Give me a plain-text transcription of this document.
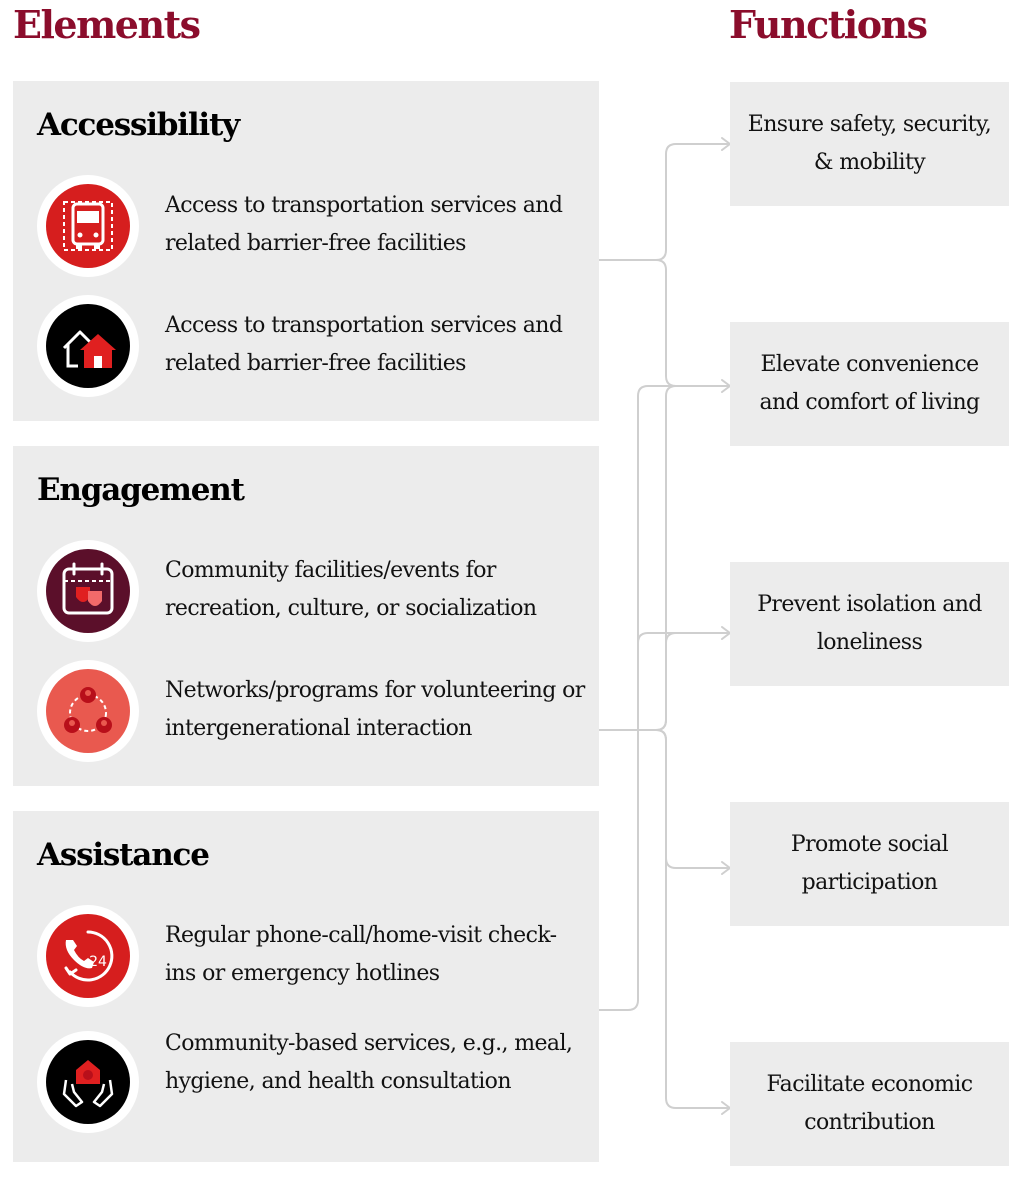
Elements	Functions
Accessibility
Access to transportation services and related barrier-free facilities
Access to transportation services and related barrier-free facilities
Engagement
Community facilities/events for recreation, culture, or socialization
Networks/programs for volunteering or intergenerational interaction
Assistance
24
Regular phone-call/home-visit check-ins or emergency hotlines
Community-based services, e.g., meal, hygiene, and health consultation
Ensure safety, security, & mobility
Elevate convenience and comfort of living
Prevent isolation and loneliness
Promote social participation
Facilitate economic contribution
